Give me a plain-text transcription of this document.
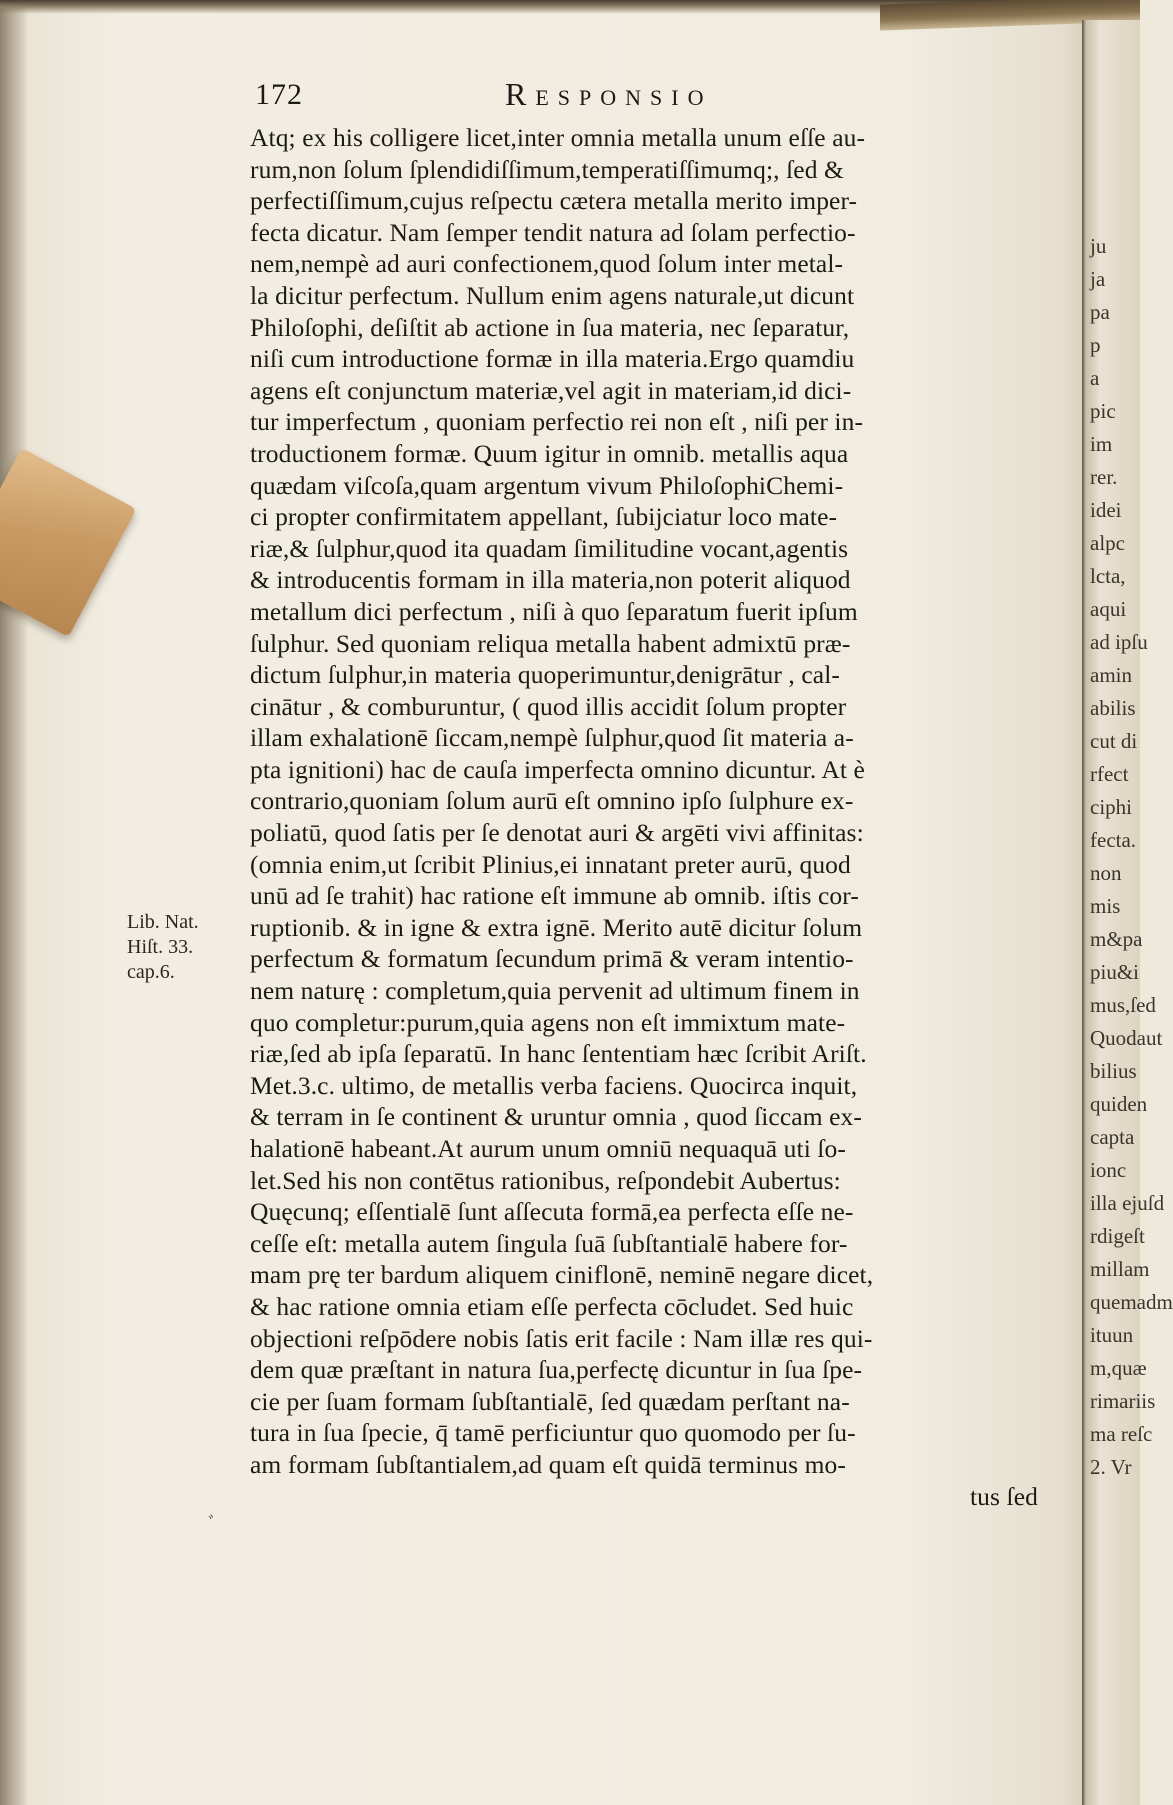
ju
ja
pa
p
a
pic
im
rer.
idei
alpc
lcta,
aqui
ad ipſu
amin
abilis
cut di
rfect
ciphi
fecta.
non
mis
m&pa
piu&i
mus,ſed
Quodaut
bilius
quiden
capta
ionc
illa ejuſd
rdigeſt
millam
quemadm
ituun
m,quæ
rimariis
ma reſc
2. Vr
172	Responsio
Atq; ex his colligere licet,inter omnia metalla unum eſſe au-
rum,non ſolum ſplendidiſſimum,temperatiſſimumq;, ſed &
perfectiſſimum,cujus reſpectu cætera metalla merito imper-
fecta dicatur. Nam ſemper tendit natura ad ſolam perfectio-
nem,nempè ad auri confectionem,quod ſolum inter metal-
la dicitur perfectum. Nullum enim agens naturale,ut dicunt
Philoſophi, deſiſtit ab actione in ſua materia, nec ſeparatur,
niſi cum introductione formæ in illa materia.Ergo quamdiu
agens eſt conjunctum materiæ,vel agit in materiam,id dici-
tur imperfectum , quoniam perfectio rei non eſt , niſi per in-
troductionem formæ. Quum igitur in omnib. metallis aqua
quædam viſcoſa,quam argentum vivum PhiloſophiChemi-
ci propter confirmitatem appellant, ſubijciatur loco mate-
riæ,& ſulphur,quod ita quadam ſimilitudine vocant,agentis
& introducentis formam in illa materia,non poterit aliquod
metallum dici perfectum , niſi à quo ſeparatum fuerit ipſum
ſulphur. Sed quoniam reliqua metalla habent admixtū præ-
dictum ſulphur,in materia quoperimuntur,denigrātur , cal-
cinātur , & comburuntur, ( quod illis accidit ſolum propter
illam exhalationē ſiccam,nempè ſulphur,quod ſit materia a-
pta ignitioni) hac de cauſa imperfecta omnino dicuntur. At è
contrario,quoniam ſolum aurū eſt omnino ipſo ſulphure ex-
poliatū, quod ſatis per ſe denotat auri & argēti vivi affinitas:
(omnia enim,ut ſcribit Plinius,ei innatant preter aurū, quod
unū ad ſe trahit) hac ratione eſt immune ab omnib. iſtis cor-
ruptionib. & in igne & extra ignē. Merito autē dicitur ſolum
perfectum & formatum ſecundum primā & veram intentio-
nem naturę : completum,quia pervenit ad ultimum finem in
quo completur:purum,quia agens non eſt immixtum mate-
riæ,ſed ab ipſa ſeparatū. In hanc ſententiam hæc ſcribit Ariſt.
Met.3.c. ultimo, de metallis verba faciens. Quocirca inquit,
& terram in ſe continent & uruntur omnia , quod ſiccam ex-
halationē habeant.At aurum unum omniū nequaquā uti ſo-
let.Sed his non contētus rationibus, reſpondebit Aubertus:
Quęcunq; eſſentialē ſunt aſſecuta formā,ea perfecta eſſe ne-
ceſſe eſt: metalla autem ſingula ſuā ſubſtantialē habere for-
mam prę ter bardum aliquem ciniflonē, neminē negare dicet,
& hac ratione omnia etiam eſſe perfecta cōcludet. Sed huic
objectioni reſpōdere nobis ſatis erit facile : Nam illæ res qui-
dem quæ præſtant in natura ſua,perfectę dicuntur in ſua ſpe-
cie per ſuam formam ſubſtantialē, ſed quædam perſtant na-
tura in ſua ſpecie, q̄ tamē perficiuntur quo quomodo per ſu-
am formam ſubſtantialem,ad quam eſt quidā terminus mo-
tus ſed
Lib. Nat.
Hiſt. 33.
cap.6.
ﾞ
